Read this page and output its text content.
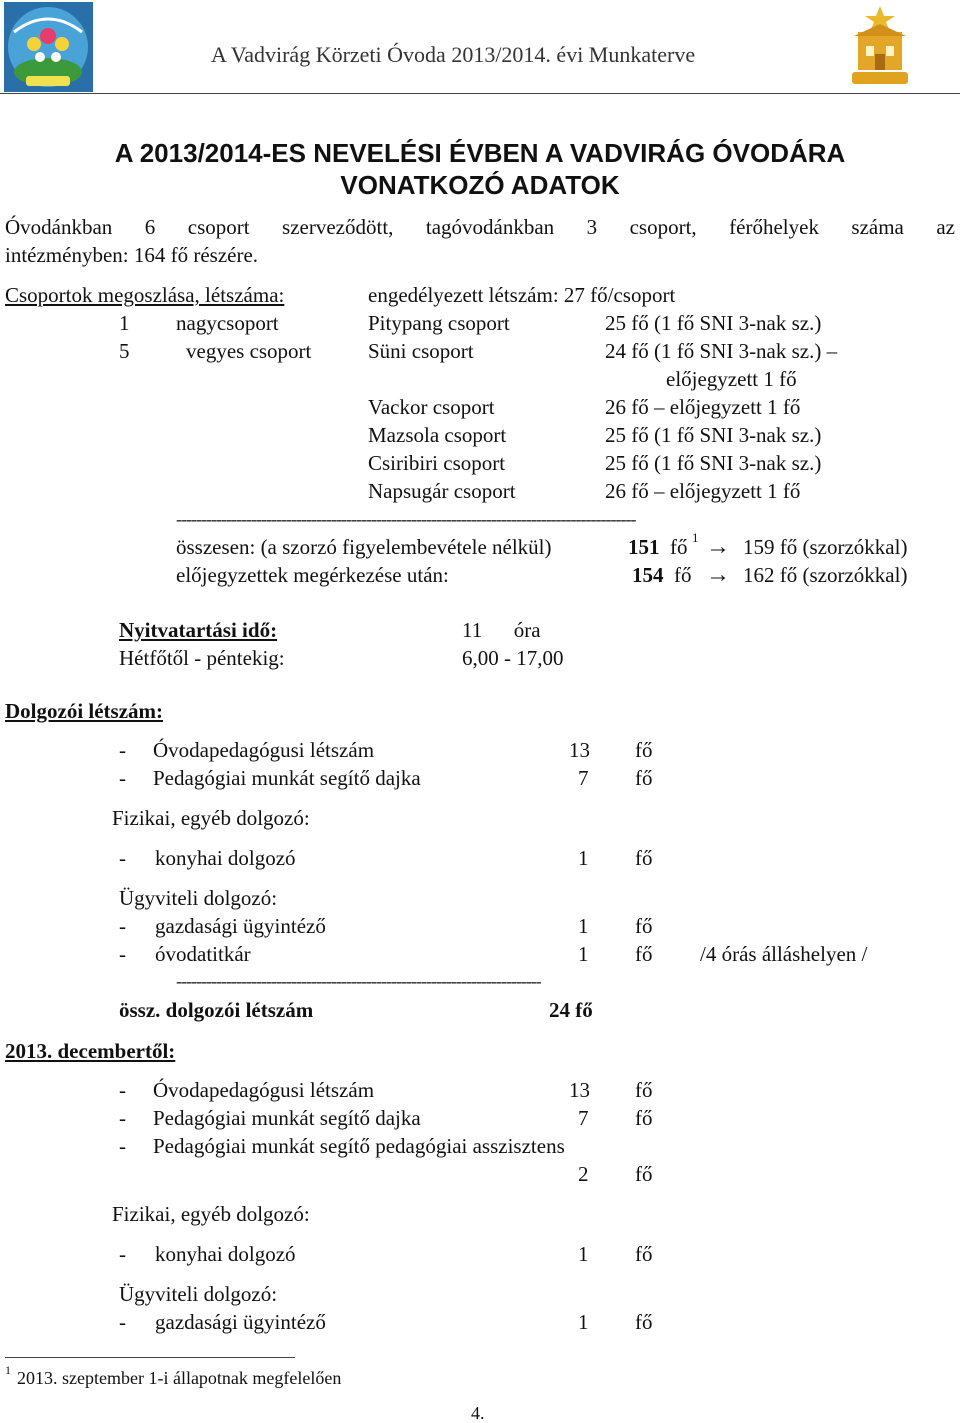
A Vadvirág Körzeti Óvoda 2013/2014. évi Munkaterve
A 2013/2014-ES NEVELÉSI ÉVBEN A VADVIRÁG ÓVODÁRA
VONATKOZÓ ADATOK
Óvodánkban 6 csoport szerveződött, tagóvodánkban 3 csoport, férőhelyek száma az
intézményben: 164 fő részére.
Csoportok megoszlása, létszáma:	engedélyezett létszám: 27 fő/csoport
1 nagycsoport	Pitypang csoport	25 fő (1 fő SNI 3-nak sz.)
5	vegyes csoport	Süni csoport	24 fő (1 fő SNI 3-nak sz.) –
előjegyzett 1 fő
Vackor csoport	26 fő – előjegyzett 1 fő
Mazsola csoport	25 fő (1 fő SNI 3-nak sz.)
Csiribiri csoport	25 fő (1 fő SNI 3-nak sz.)
Napsugár csoport	26 fő – előjegyzett 1 fő
--------------------------------------------------------------------------------------------
összesen: (a szorzó figyelembevétele nélkül)	151 fő 1 → 159 fő (szorzókkal)
előjegyzettek megérkezése után:	154 fő → 162 fő (szorzókkal)
Nyitvatartási idő:	11      óra
Hétfőtől - péntekig:	6,00 - 17,00
Dolgozói létszám:
- Óvodapedagógusi létszám	13 fő
- Pedagógiai munkát segítő dajka	7 fő
Fizikai, egyéb dolgozó:
- konyhai dolgozó	1 fő
Ügyviteli dolgozó:
- gazdasági ügyintéző	1 fő
- óvodatitkár	1 fő /4 órás álláshelyen /
-------------------------------------------------------------------------
össz. dolgozói létszám	24 fő
2013. decembertől:
- Óvodapedagógusi létszám	13 fő
- Pedagógiai munkát segítő dajka	7 fő
- Pedagógiai munkát segítő pedagógiai asszisztens
2 fő
Fizikai, egyéb dolgozó:
- konyhai dolgozó	1 fő
Ügyviteli dolgozó:
- gazdasági ügyintéző	1 fő
1 2013. szeptember 1-i állapotnak megfelelően
4.
